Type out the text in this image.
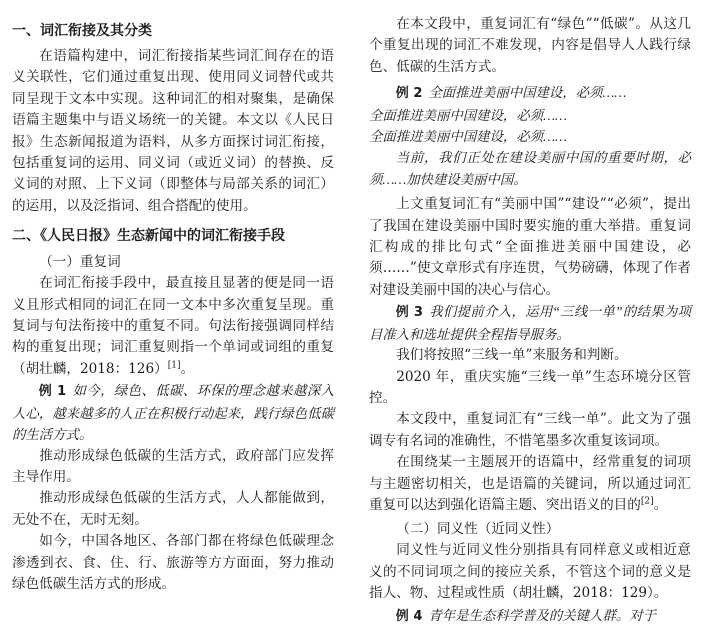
一、词汇衔接及其分类

在语篇构建中，词汇衔接指某些词汇间存在的语义关联性，它们通过重复出现、使用同义词替代或共同呈现于文本中实现。这种词汇的相对聚集，是确保语篇主题集中与语义场统一的关键。本文以《人民日报》生态新闻报道为语料，从多方面探讨词汇衔接，包括重复词的运用、同义词（或近义词）的替换、反义词的对照、上下义词（即整体与局部关系的词汇）的运用，以及泛指词、组合搭配的使用。

二、《人民日报》生态新闻中的词汇衔接手段
（一）重复词

在词汇衔接手段中，最直接且显著的便是同一语义且形式相同的词汇在同一文本中多次重复呈现。重复词与句法衔接中的重复不同。句法衔接强调同样结构的重复出现；词汇重复则指一个单词或词组的重复（胡壮麟，2018：126）[1]。

例 1 如今，绿色、低碳、环保的理念越来越深入人心，越来越多的人正在积极行动起来，践行绿色低碳的生活方式。

推动形成绿色低碳的生活方式，政府部门应发挥主导作用。

推动形成绿色低碳的生活方式，人人都能做到，无处不在，无时无刻。

如今，中国各地区、各部门都在将绿色低碳理念渗透到衣、食、住、行、旅游等方方面面，努力推动绿色低碳生活方式的形成。

在本文段中，重复词汇有“绿色”“低碳”。从这几个重复出现的词汇不难发现，内容是倡导人人践行绿色、低碳的生活方式。

例 2 全面推进美丽中国建设，必须……

全面推进美丽中国建设，必须……

全面推进美丽中国建设，必须……

当前，我们正处在建设美丽中国的重要时期，必须……加快建设美丽中国。

上文重复词汇有“美丽中国”“建设”“必须”，提出了我国在建设美丽中国时要实施的重大举措。重复词汇构成的排比句式“全面推进美丽中国建设，必须……”使文章形式有序连贯，气势磅礴，体现了作者对建设美丽中国的决心与信心。

例 3 我们提前介入，运用“三线一单”的结果为项目准入和选址提供全程指导服务。

我们将按照“三线一单”来服务和判断。

2020 年，重庆实施“三线一单”生态环境分区管控。

本文段中，重复词汇有“三线一单”。此文为了强调专有名词的准确性，不惜笔墨多次重复该词项。

在围绕某一主题展开的语篇中，经常重复的词项与主题密切相关，也是语篇的关键词，所以通过词汇重复可以达到强化语篇主题、突出语义的目的[2]。

（二）同义性（近同义性）

同义性与近同义性分别指具有同样意义或相近意义的不同词项之间的接应关系，不管这个词的意义是指人、物、过程或性质（胡壮麟，2018：129）。

例 4 青年是生态科学普及的关键人群。对于
